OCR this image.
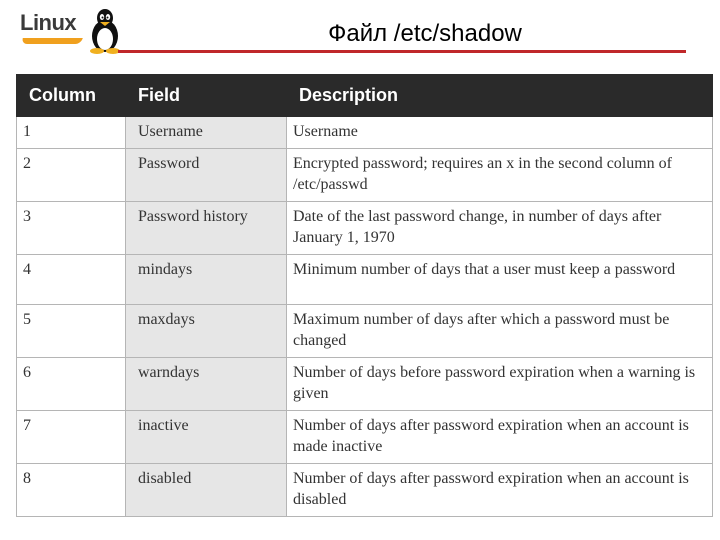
Linux	Файл /etc/shadow
Column	Field	Description
1	Username	Username
2	Password	Encrypted password; requires an x in the second column of /etc/passwd
3	Password history	Date of the last password change, in number of days after January 1, 1970
4	mindays	Minimum number of days that a user must keep a password
5	maxdays	Maximum number of days after which a password must be changed
6	warndays	Number of days before password expiration when a warning is given
7	inactive	Number of days after password expiration when an account is made inactive
8	disabled	Number of days after password expiration when an account is disabled
